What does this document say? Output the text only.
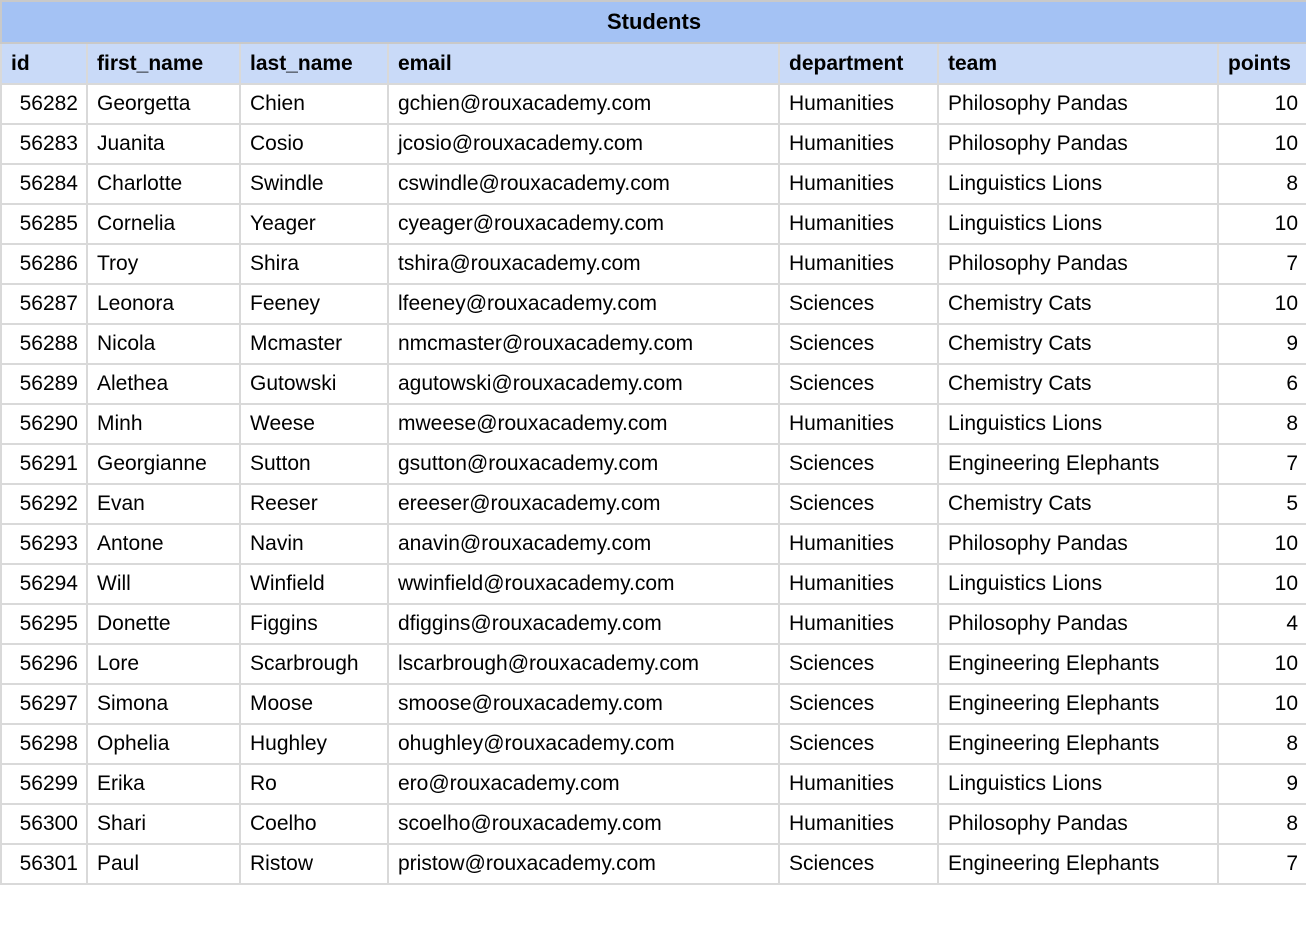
Students						
id	first_name	last_name	email	department	team	points
56282	Georgetta	Chien	gchien@rouxacademy.com	Humanities	Philosophy Pandas	10
56283	Juanita	Cosio	jcosio@rouxacademy.com	Humanities	Philosophy Pandas	10
56284	Charlotte	Swindle	cswindle@rouxacademy.com	Humanities	Linguistics Lions	8
56285	Cornelia	Yeager	cyeager@rouxacademy.com	Humanities	Linguistics Lions	10
56286	Troy	Shira	tshira@rouxacademy.com	Humanities	Philosophy Pandas	7
56287	Leonora	Feeney	lfeeney@rouxacademy.com	Sciences	Chemistry Cats	10
56288	Nicola	Mcmaster	nmcmaster@rouxacademy.com	Sciences	Chemistry Cats	9
56289	Alethea	Gutowski	agutowski@rouxacademy.com	Sciences	Chemistry Cats	6
56290	Minh	Weese	mweese@rouxacademy.com	Humanities	Linguistics Lions	8
56291	Georgianne	Sutton	gsutton@rouxacademy.com	Sciences	Engineering Elephants	7
56292	Evan	Reeser	ereeser@rouxacademy.com	Sciences	Chemistry Cats	5
56293	Antone	Navin	anavin@rouxacademy.com	Humanities	Philosophy Pandas	10
56294	Will	Winfield	wwinfield@rouxacademy.com	Humanities	Linguistics Lions	10
56295	Donette	Figgins	dfiggins@rouxacademy.com	Humanities	Philosophy Pandas	4
56296	Lore	Scarbrough	lscarbrough@rouxacademy.com	Sciences	Engineering Elephants	10
56297	Simona	Moose	smoose@rouxacademy.com	Sciences	Engineering Elephants	10
56298	Ophelia	Hughley	ohughley@rouxacademy.com	Sciences	Engineering Elephants	8
56299	Erika	Ro	ero@rouxacademy.com	Humanities	Linguistics Lions	9
56300	Shari	Coelho	scoelho@rouxacademy.com	Humanities	Philosophy Pandas	8
56301	Paul	Ristow	pristow@rouxacademy.com	Sciences	Engineering Elephants	7
